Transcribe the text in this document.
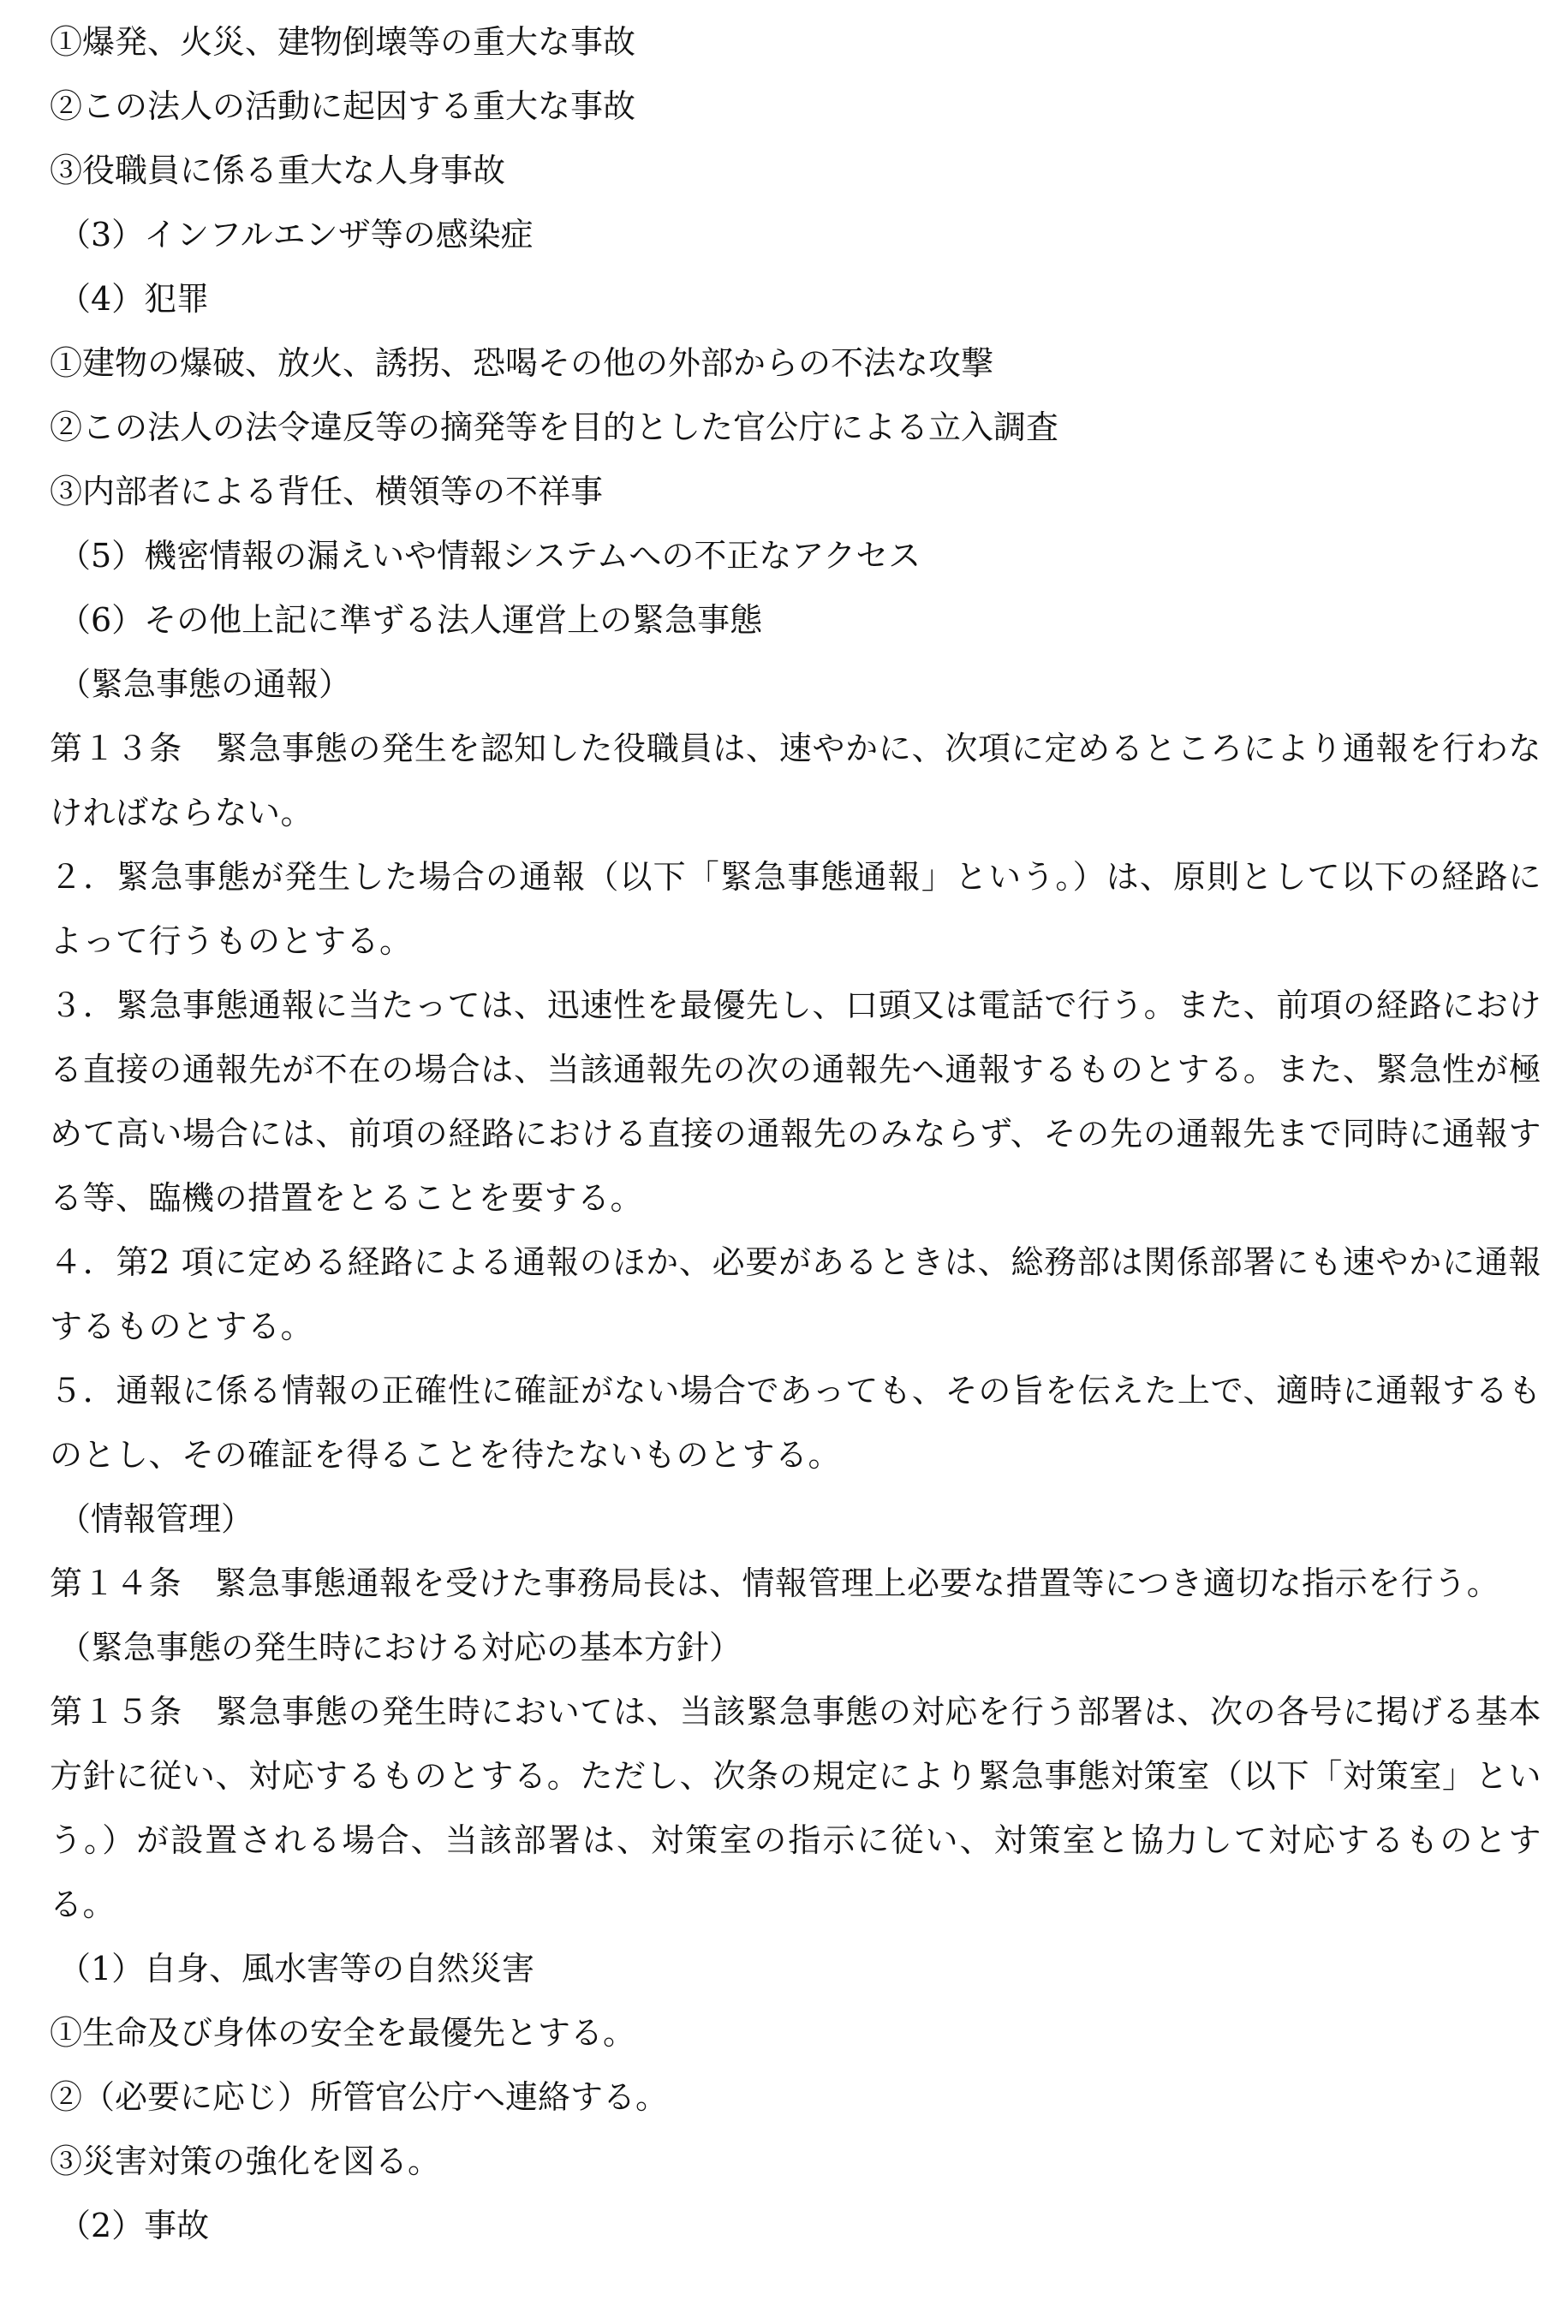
①爆発、火災、建物倒壊等の重大な事故
②この法人の活動に起因する重大な事故
③役職員に係る重大な人身事故
（3）インフルエンザ等の感染症
（4）犯罪
①建物の爆破、放火、誘拐、恐喝その他の外部からの不法な攻撃
②この法人の法令違反等の摘発等を目的とした官公庁による立入調査
③内部者による背任、横領等の不祥事
（5）機密情報の漏えいや情報システムへの不正なアクセス
（6）その他上記に準ずる法人運営上の緊急事態
（緊急事態の通報）
第１３条　緊急事態の発生を認知した役職員は、速やかに、次項に定めるところにより通報を行わなければならない。
２．緊急事態が発生した場合の通報（以下「緊急事態通報」という。）は、原則として以下の経路によって行うものとする。
３．緊急事態通報に当たっては、迅速性を最優先し、口頭又は電話で行う。また、前項の経路における直接の通報先が不在の場合は、当該通報先の次の通報先へ通報するものとする。また、緊急性が極めて高い場合には、前項の経路における直接の通報先のみならず、その先の通報先まで同時に通報する等、臨機の措置をとることを要する。
４．第2 項に定める経路による通報のほか、必要があるときは、総務部は関係部署にも速やかに通報するものとする。
５．通報に係る情報の正確性に確証がない場合であっても、その旨を伝えた上で、適時に通報するものとし、その確証を得ることを待たないものとする。
（情報管理）
第１４条　緊急事態通報を受けた事務局長は、情報管理上必要な措置等につき適切な指示を行う。
（緊急事態の発生時における対応の基本方針）
第１５条　緊急事態の発生時においては、当該緊急事態の対応を行う部署は、次の各号に掲げる基本方針に従い、対応するものとする。ただし、次条の規定により緊急事態対策室（以下「対策室」という。）が設置される場合、当該部署は、対策室の指示に従い、対策室と協力して対応するものとする。
（1）自身、風水害等の自然災害
①生命及び身体の安全を最優先とする。
②（必要に応じ）所管官公庁へ連絡する。
③災害対策の強化を図る。
（2）事故
